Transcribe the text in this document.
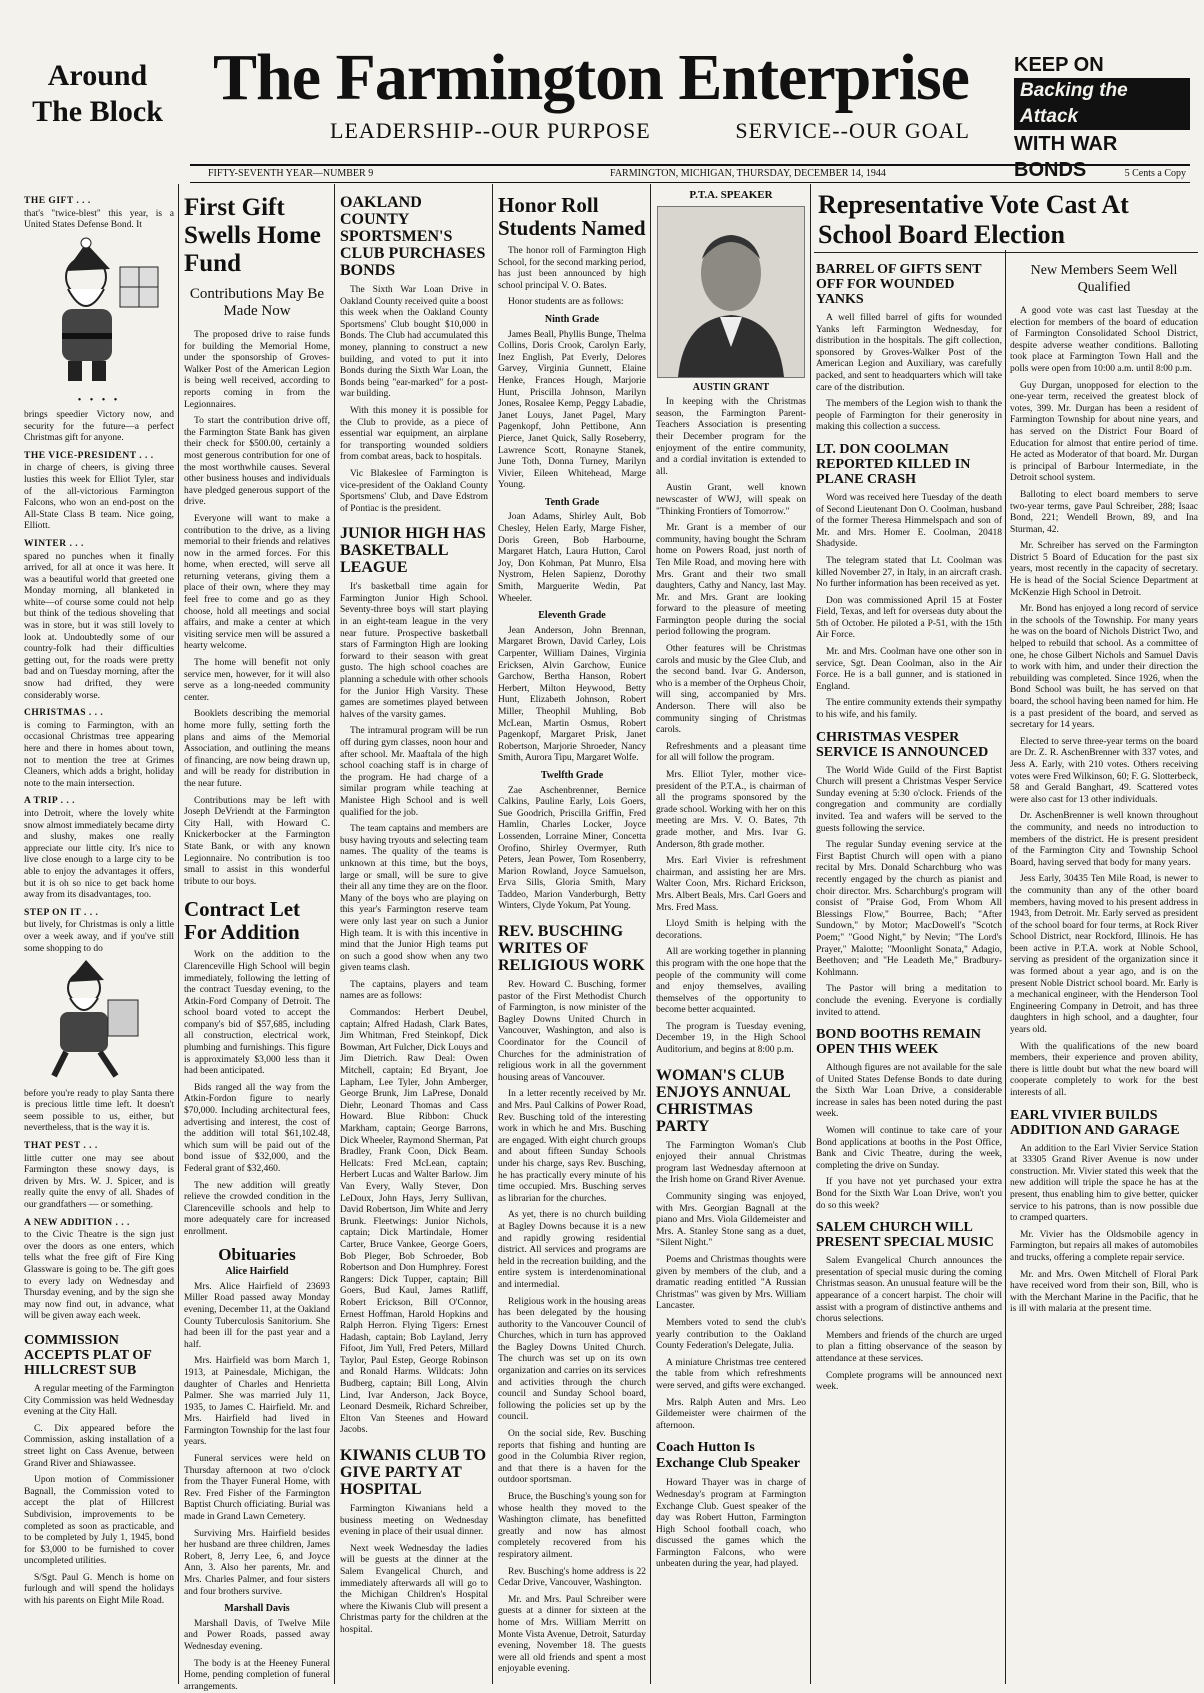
Around
The Block The Farmington Enterprise
LEADERSHIP--OUR PURPOSE	SERVICE--OUR GOAL
KEEP ON
Backing the Attack
WITH WAR BONDS
FIFTY-SEVENTH YEAR—NUMBER 9	FARMINGTON, MICHIGAN, THURSDAY, DECEMBER 14, 1944	5 Cents a Copy
THE GIFT . . .

that's "twice-blest" this year, is a United States Defense Bond. It

• • • •

brings speedier Victory now, and security for the future—a perfect Christmas gift for anyone.

THE VICE-PRESIDENT . . .

in charge of cheers, is giving three lusties this week for Elliot Tyler, star of the all-victorious Farmington Falcons, who won an end-post on the All-State Class B team. Nice going, Elliott.

WINTER . . .

spared no punches when it finally arrived, for all at once it was here. It was a beautiful world that greeted one Monday morning, all blanketed in white—of course some could not help but think of the tedious shoveling that was in store, but it was still lovely to look at. Undoubtedly some of our country-folk had their difficulties getting out, for the roads were pretty bad and on Tuesday morning, after the snow had drifted, they were considerably worse.

CHRISTMAS . . .

is coming to Farmington, with an occasional Christmas tree appearing here and there in homes about town, not to mention the tree at Grimes Cleaners, which adds a bright, holiday note to the main intersection.

A TRIP . . .

into Detroit, where the lovely white snow almost immediately became dirty and slushy, makes one really appreciate our little city. It's nice to live close enough to a large city to be able to enjoy the advantages it offers, but it is oh so nice to get back home away from its disadvantages, too.

STEP ON IT . . .

but lively, for Christmas is only a little over a week away, and if you've still some shopping to do

before you're ready to play Santa there is precious little time left. It doesn't seem possible to us, either, but nevertheless, that is the way it is.

THAT PEST . . .

little cutter one may see about Farmington these snowy days, is driven by Mrs. W. J. Spicer, and is really quite the envy of all. Shades of our grandfathers — or something.

A NEW ADDITION . . .

to the Civic Theatre is the sign just over the doors as one enters, which tells what the free gift of Fire King Glassware is going to be. The gift goes to every lady on Wednesday and Thursday evening, and by the sign she may now find out, in advance, what will be given away each week.

COMMISSION ACCEPTS PLAT OF HILLCREST SUB

A regular meeting of the Farmington City Commission was held Wednesday evening at the City Hall.

C. Dix appeared before the Commission, asking installation of a street light on Cass Avenue, between Grand River and Shiawassee.

Upon motion of Commissioner Bagnall, the Commission voted to accept the plat of Hillcrest Subdivision, improvements to be completed as soon as practicable, and to be completed by July 1, 1945, bond for $3,000 to be furnished to cover uncompleted utilities.

S/Sgt. Paul G. Mench is home on furlough and will spend the holidays with his parents on Eight Mile Road.

First Gift Swells Home Fund
Contributions May Be Made Now

The proposed drive to raise funds for building the Memorial Home, under the sponsorship of Groves-Walker Post of the American Legion is being well received, according to reports coming in from the Legionnaires.

To start the contribution drive off, the Farmington State Bank has given their check for $500.00, certainly a most generous contribution for one of the most worthwhile causes. Several other business houses and individuals have pledged generous support of the drive.

Everyone will want to make a contribution to the drive, as a living memorial to their friends and relatives now in the armed forces. For this home, when erected, will serve all returning veterans, giving them a place of their own, where they may feel free to come and go as they choose, hold all meetings and social affairs, and make a center at which visiting service men will be assured a hearty welcome.

The home will benefit not only service men, however, for it will also serve as a long-needed community center.

Booklets describing the memorial home more fully, setting forth the plans and aims of the Memorial Association, and outlining the means of financing, are now being drawn up, and will be ready for distribution in the near future.

Contributions may be left with Joseph DeVriendt at the Farmington City Hall, with Howard C. Knickerbocker at the Farmington State Bank, or with any known Legionnaire. No contribution is too small to assist in this wonderful tribute to our boys.

Contract Let For Addition

Work on the addition to the Clarenceville High School will begin immediately, following the letting of the contract Tuesday evening, to the Atkin-Ford Company of Detroit. The school board voted to accept the company's bid of $57,685, including all construction, electrical work, plumbing and furnishings. This figure is approximately $3,000 less than it had been anticipated.

Bids ranged all the way from the Atkin-Fordon figure to nearly $70,000. Including architectural fees, advertising and interest, the cost of the addition will total $61,102.48, which sum will be paid out of the bond issue of $32,000, and the Federal grant of $32,460.

The new addition will greatly relieve the crowded condition in the Clarenceville schools and help to more adequately care for increased enrollment.

Obituaries
Alice Hairfield

Mrs. Alice Hairfield of 23693 Miller Road passed away Monday evening, December 11, at the Oakland County Tuberculosis Sanitorium. She had been ill for the past year and a half.

Mrs. Hairfield was born March 1, 1913, at Painesdale, Michigan, the daughter of Charles and Henrietta Palmer. She was married July 11, 1935, to James C. Hairfield. Mr. and Mrs. Hairfield had lived in Farmington Township for the last four years.

Funeral services were held on Thursday afternoon at two o'clock from the Thayer Funeral Home, with Rev. Fred Fisher of the Farmington Baptist Church officiating. Burial was made in Grand Lawn Cemetery.

Surviving Mrs. Hairfield besides her husband are three children, James Robert, 8, Jerry Lee, 6, and Joyce Ann, 3. Also her parents, Mr. and Mrs. Charles Palmer, and four sisters and four brothers survive.

Marshall Davis

Marshall Davis, of Twelve Mile and Power Roads, passed away Wednesday evening.

The body is at the Heeney Funeral Home, pending completion of funeral arrangements.

OAKLAND COUNTY SPORTSMEN'S CLUB PURCHASES BONDS

The Sixth War Loan Drive in Oakland County received quite a boost this week when the Oakland County Sportsmens' Club bought $10,000 in Bonds. The Club had accumulated this money, planning to construct a new building, and voted to put it into Bonds during the Sixth War Loan, the Bonds being "ear-marked" for a post-war building.

With this money it is possible for the Club to provide, as a piece of essential war equipment, an airplane for transporting wounded soldiers from combat areas, back to hospitals.

Vic Blakeslee of Farmington is vice-president of the Oakland County Sportsmens' Club, and Dave Edstrom of Pontiac is the president.

JUNIOR HIGH HAS BASKETBALL LEAGUE

It's basketball time again for Farmington Junior High School. Seventy-three boys will start playing in an eight-team league in the very near future. Prospective basketball stars of Farmington High are looking forward to their season with great gusto. The high school coaches are planning a schedule with other schools for the Junior High Varsity. These games are sometimes played between halves of the varsity games.

The intramural program will be run off during gym classes, noon hour and after school. Mr. Maaftala of the high school coaching staff is in charge of the program. He had charge of a similar program while teaching at Manistee High School and is well qualified for the job.

The team captains and members are busy having tryouts and selecting team names. The quality of the teams is unknown at this time, but the boys, large or small, will be sure to give their all any time they are on the floor. Many of the boys who are playing on this year's Farmington reserve team were only last year on such a Junior High team. It is with this incentive in mind that the Junior High teams put on such a good show when any two given teams clash.

The captains, players and team names are as follows:

Commandos: Herbert Deubel, captain; Alfred Hadash, Clark Bates, Jim Whitman, Fred Steinkopf, Dick Bowman, Art Fulcher, Dick Louys and Jim Dietrich. Raw Deal: Owen Mitchell, captain; Ed Bryant, Joe Lapham, Lee Tyler, John Amberger, George Brunk, Jim LaPrese, Donald Diehr, Leonard Thomas and Cass Howard. Blue Ribbon: Chuck Markham, captain; George Barrons, Dick Wheeler, Raymond Sherman, Pat Bradley, Frank Coon, Dick Beam. Hellcats: Fred McLean, captain; Herbert Lucas and Walter Barlow. Jim Van Every, Wally Stever, Don LeDoux, John Hays, Jerry Sullivan, David Robertson, Jim White and Jerry Brunk. Fleetwings: Junior Nichols, captain; Dick Martindale, Homer Carter, Bruce Vankee, George Goers, Bob Pleger, Bob Schroeder, Bob Robertson and Don Humphrey. Forest Rangers: Dick Tupper, captain; Bill Goers, Bud Kaul, James Ratliff, Robert Erickson, Bill O'Connor, Ernest Hoffman, Harold Hopkins and Ralph Herron. Flying Tigers: Ernest Hadash, captain; Bob Layland, Jerry Fifoot, Jim Yull, Fred Peters, Millard Taylor, Paul Estep, George Robinson and Ronald Harms. Wildcats: John Budberg, captain; Bill Long, Alvin Lind, Ivar Anderson, Jack Boyce, Leonard Desmeik, Richard Schreiber, Elton Van Steenes and Howard Jacobs.

KIWANIS CLUB TO GIVE PARTY AT HOSPITAL

Farmington Kiwanians held a business meeting on Wednesday evening in place of their usual dinner.

Next week Wednesday the ladies will be guests at the dinner at the Salem Evangelical Church, and immediately afterwards all will go to the Michigan Children's Hospital where the Kiwanis Club will present a Christmas party for the children at the hospital.

Honor Roll Students Named

The honor roll of Farmington High School, for the second marking period, has just been announced by high school principal V. O. Bates.

Honor students are as follows:

Ninth Grade

James Beall, Phyllis Bunge, Thelma Collins, Doris Crook, Carolyn Early, Inez English, Pat Everly, Delores Garvey, Virginia Gunnett, Elaine Henke, Frances Hough, Marjorie Hunt, Priscilla Johnson, Marilyn Jones, Rosalee Kemp, Peggy Labadie, Janet Louys, Janet Pagel, Mary Pagenkopf, John Pettibone, Ann Pierce, Janet Quick, Sally Roseberry, Lawrence Scott, Ronayne Stanek, June Toth, Donna Turney, Marilyn Vivier, Eileen Whitehead, Marge Young.

Tenth Grade

Joan Adams, Shirley Ault, Bob Chesley, Helen Early, Marge Fisher, Doris Green, Bob Harbourne, Margaret Hatch, Laura Hutton, Carol Joy, Don Kohman, Pat Munro, Elsa Nystrom, Helen Sapienz, Dorothy Smith, Marguerite Wedin, Pat Wheeler.

Eleventh Grade

Jean Anderson, John Brennan, Margaret Brown, David Carley, Lois Carpenter, William Daines, Virginia Ericksen, Alvin Garchow, Eunice Garchow, Bertha Hanson, Robert Herbert, Milton Heywood, Betty Hunt, Elizabeth Johnson, Robert Miller, Theophil Muhling, Bob McLean, Martin Osmus, Robert Pagenkopf, Margaret Prisk, Janet Robertson, Marjorie Shroeder, Nancy Smith, Aurora Tipu, Margaret Wolfe.

Twelfth Grade

Zae Aschenbrenner, Bernice Calkins, Pauline Early, Lois Goers, Sue Goodrich, Priscilla Griffin, Fred Hamlin, Charles Locker, Joyce Lossenden, Lorraine Miner, Concetta Orofino, Shirley Overmyer, Ruth Peters, Jean Power, Tom Rosenberry, Marion Rowland, Joyce Samuelson, Erva Sills, Gloria Smith, Mary Taddeo, Marion Vanderburgh, Betty Winters, Clyde Yokum, Pat Young.

REV. BUSCHING WRITES OF RELIGIOUS WORK

Rev. Howard C. Busching, former pastor of the First Methodist Church of Farmington, is now minister of the Bagley Downs United Church in Vancouver, Washington, and also is Coordinator for the Council of Churches for the administration of religious work in all the government housing areas of Vancouver.

In a letter recently received by Mr. and Mrs. Paul Calkins of Power Road, Rev. Busching told of the interesting work in which he and Mrs. Busching are engaged. With eight church groups and about fifteen Sunday Schools under his charge, says Rev. Busching, he has practically every minute of his time occupied. Mrs. Busching serves as librarian for the churches.

As yet, there is no church building at Bagley Downs because it is a new and rapidly growing residential district. All services and programs are held in the recreation building, and the entire system is interdenominational and intermedial.

Religious work in the housing areas has been delegated by the housing authority to the Vancouver Council of Churches, which in turn has approved the Bagley Downs United Church. The church was set up on its own organization and carries on its services and activities through the church council and Sunday School board, following the policies set up by the council.

On the social side, Rev. Busching reports that fishing and hunting are good in the Columbia River region, and that there is a haven for the outdoor sportsman.

Bruce, the Busching's young son for whose health they moved to the Washington climate, has benefitted greatly and now has almost completely recovered from his respiratory ailment.

Rev. Busching's home address is 22 Cedar Drive, Vancouver, Washington.

Mr. and Mrs. Paul Schreiber were guests at a dinner for sixteen at the home of Mrs. William Merritt on Monte Vista Avenue, Detroit, Saturday evening, November 18. The guests were all old friends and spent a most enjoyable evening.

P.T.A. SPEAKER
AUSTIN GRANT

In keeping with the Christmas season, the Farmington Parent-Teachers Association is presenting their December program for the enjoyment of the entire community, and a cordial invitation is extended to all.

Austin Grant, well known newscaster of WWJ, will speak on "Thinking Frontiers of Tomorrow."

Mr. Grant is a member of our community, having bought the Schram home on Powers Road, just north of Ten Mile Road, and moving here with Mrs. Grant and their two small daughters, Cathy and Nancy, last May. Mr. and Mrs. Grant are looking forward to the pleasure of meeting Farmington people during the social period following the program.

Other features will be Christmas carols and music by the Glee Club, and the second band. Ivar G. Anderson, who is a member of the Orpheus Choir, will sing, accompanied by Mrs. Anderson. There will also be community singing of Christmas carols.

Refreshments and a pleasant time for all will follow the program.

Mrs. Elliot Tyler, mother vice-president of the P.T.A., is chairman of all the programs sponsored by the grade school. Working with her on this meeting are Mrs. V. O. Bates, 7th grade mother, and Mrs. Ivar G. Anderson, 8th grade mother.

Mrs. Earl Vivier is refreshment chairman, and assisting her are Mrs. Walter Coon, Mrs. Richard Erickson, Mrs. Albert Beals, Mrs. Carl Goers and Mrs. Fred Mass.

Lloyd Smith is helping with the decorations.

All are working together in planning this program with the one hope that the people of the community will come and enjoy themselves, availing themselves of the opportunity to become better acquainted.

The program is Tuesday evening, December 19, in the High School Auditorium, and begins at 8:00 p.m.

WOMAN'S CLUB ENJOYS ANNUAL CHRISTMAS PARTY

The Farmington Woman's Club enjoyed their annual Christmas program last Wednesday afternoon at the Irish home on Grand River Avenue.

Community singing was enjoyed, with Mrs. Georgian Bagnall at the piano and Mrs. Viola Gildemeister and Mrs. A. Stanley Stone sang as a duet, "Silent Night."

Poems and Christmas thoughts were given by members of the club, and a dramatic reading entitled "A Russian Christmas" was given by Mrs. William Lancaster.

Members voted to send the club's yearly contribution to the Oakland County Federation's Delegate, Julia.

A miniature Christmas tree centered the table from which refreshments were served, and gifts were exchanged.

Mrs. Ralph Auten and Mrs. Leo Gildemeister were chairmen of the afternoon.

Coach Hutton Is Exchange Club Speaker

Howard Thayer was in charge of Wednesday's program at Farmington Exchange Club. Guest speaker of the day was Robert Hutton, Farmington High School football coach, who discussed the games which the Farmington Falcons, who were unbeaten during the year, had played.

Representative Vote Cast At School Board Election
BARREL OF GIFTS SENT OFF FOR WOUNDED YANKS

A well filled barrel of gifts for wounded Yanks left Farmington Wednesday, for distribution in the hospitals. The gift collection, sponsored by Groves-Walker Post of the American Legion and Auxiliary, was carefully packed, and sent to headquarters which will take care of the distribution.

The members of the Legion wish to thank the people of Farmington for their generosity in making this collection a success.

LT. DON COOLMAN REPORTED KILLED IN PLANE CRASH

Word was received here Tuesday of the death of Second Lieutenant Don O. Coolman, husband of the former Theresa Himmelspach and son of Mr. and Mrs. Homer E. Coolman, 20418 Shadyside.

The telegram stated that Lt. Coolman was killed November 27, in Italy, in an aircraft crash. No further information has been received as yet.

Don was commissioned April 15 at Foster Field, Texas, and left for overseas duty about the 5th of October. He piloted a P-51, with the 15th Air Force.

Mr. and Mrs. Coolman have one other son in service, Sgt. Dean Coolman, also in the Air Force. He is a ball gunner, and is stationed in England.

The entire community extends their sympathy to his wife, and his family.

CHRISTMAS VESPER SERVICE IS ANNOUNCED

The World Wide Guild of the First Baptist Church will present a Christmas Vesper Service Sunday evening at 5:30 o'clock. Friends of the congregation and community are cordially invited. Tea and wafers will be served to the guests following the service.

The regular Sunday evening service at the First Baptist Church will open with a piano recital by Mrs. Donald Scharchburg who was recently engaged by the church as pianist and choir director. Mrs. Scharchburg's program will consist of "Praise God, From Whom All Blessings Flow," Bourree, Bach; "After Sundown," by Motor; MacDowell's "Scotch Poem;" "Good Night," by Nevin; "The Lord's Prayer," Malotte; "Moonlight Sonata," Adagio, Beethoven; and "He Leadeth Me," Bradbury-Kohlmann.

The Pastor will bring a meditation to conclude the evening. Everyone is cordially invited to attend.

BOND BOOTHS REMAIN OPEN THIS WEEK

Although figures are not available for the sale of United States Defense Bonds to date during the Sixth War Loan Drive, a considerable increase in sales has been noted during the past week.

Women will continue to take care of your Bond applications at booths in the Post Office, Bank and Civic Theatre, during the week, completing the drive on Sunday.

If you have not yet purchased your extra Bond for the Sixth War Loan Drive, won't you do so this week?

SALEM CHURCH WILL PRESENT SPECIAL MUSIC

Salem Evangelical Church announces the presentation of special music during the coming Christmas season. An unusual feature will be the appearance of a concert harpist. The choir will assist with a program of distinctive anthems and chorus selections.

Members and friends of the church are urged to plan a fitting observance of the season by attendance at these services.

Complete programs will be announced next week.

New Members Seem Well Qualified

A good vote was cast last Tuesday at the election for members of the board of education of Farmington Consolidated School District, despite adverse weather conditions. Balloting took place at Farmington Town Hall and the polls were open from 10:00 a.m. until 8:00 p.m.

Guy Durgan, unopposed for election to the one-year term, received the greatest block of votes, 399. Mr. Durgan has been a resident of Farmington Township for about nine years, and has served on the District Four Board of Education for almost that entire period of time. He acted as Moderator of that board. Mr. Durgan is principal of Barbour Intermediate, in the Detroit school system.

Balloting to elect board members to serve two-year terms, gave Paul Schreiber, 288; Isaac Bond, 221; Wendell Brown, 89, and Ina Sturman, 42.

Mr. Schreiber has served on the Farmington District 5 Board of Education for the past six years, most recently in the capacity of secretary. He is head of the Social Science Department at McKenzie High School in Detroit.

Mr. Bond has enjoyed a long record of service in the schools of the Township. For many years he was on the board of Nichols District Two, and helped to rebuild that school. As a committee of one, he chose Gilbert Nichols and Samuel Davis to work with him, and under their direction the rebuilding was completed. Since 1926, when the Bond School was built, he has served on that board, the school having been named for him. He is a past president of the board, and served as secretary for 14 years.

Elected to serve three-year terms on the board are Dr. Z. R. AschenBrenner with 337 votes, and Jess A. Early, with 210 votes. Others receiving votes were Fred Wilkinson, 60; F. G. Slotterbeck, 58 and Gerald Banghart, 49. Scattered votes were also cast for 13 other individuals.

Dr. AschenBrenner is well known throughout the community, and needs no introduction to members of the district. He is present president of the Farmington City and Township School Board, having served that body for many years.

Jess Early, 30435 Ten Mile Road, is newer to the community than any of the other board members, having moved to his present address in 1943, from Detroit. Mr. Early served as president of the school board for four terms, at Rock River School District, near Rockford, Illinois. He has been active in P.T.A. work at Noble School, serving as president of the organization since it was formed about a year ago, and is on the present Noble District school board. Mr. Early is a mechanical engineer, with the Henderson Tool Engineering Company in Detroit, and has three daughters in high school, and a daughter, four years old.

With the qualifications of the new board members, their experience and proven ability, there is little doubt but what the new board will cooperate completely to work for the best interests of all.

EARL VIVIER BUILDS ADDITION AND GARAGE

An addition to the Earl Vivier Service Station at 33305 Grand River Avenue is now under construction. Mr. Vivier stated this week that the new addition will triple the space he has at the present, thus enabling him to give better, quicker service to his patrons, than is now possible due to cramped quarters.

Mr. Vivier has the Oldsmobile agency in Farmington, but repairs all makes of automobiles and trucks, offering a complete repair service.

Mr. and Mrs. Owen Mitchell of Floral Park have received word from their son, Bill, who is with the Merchant Marine in the Pacific, that he is ill with malaria at the present time.
